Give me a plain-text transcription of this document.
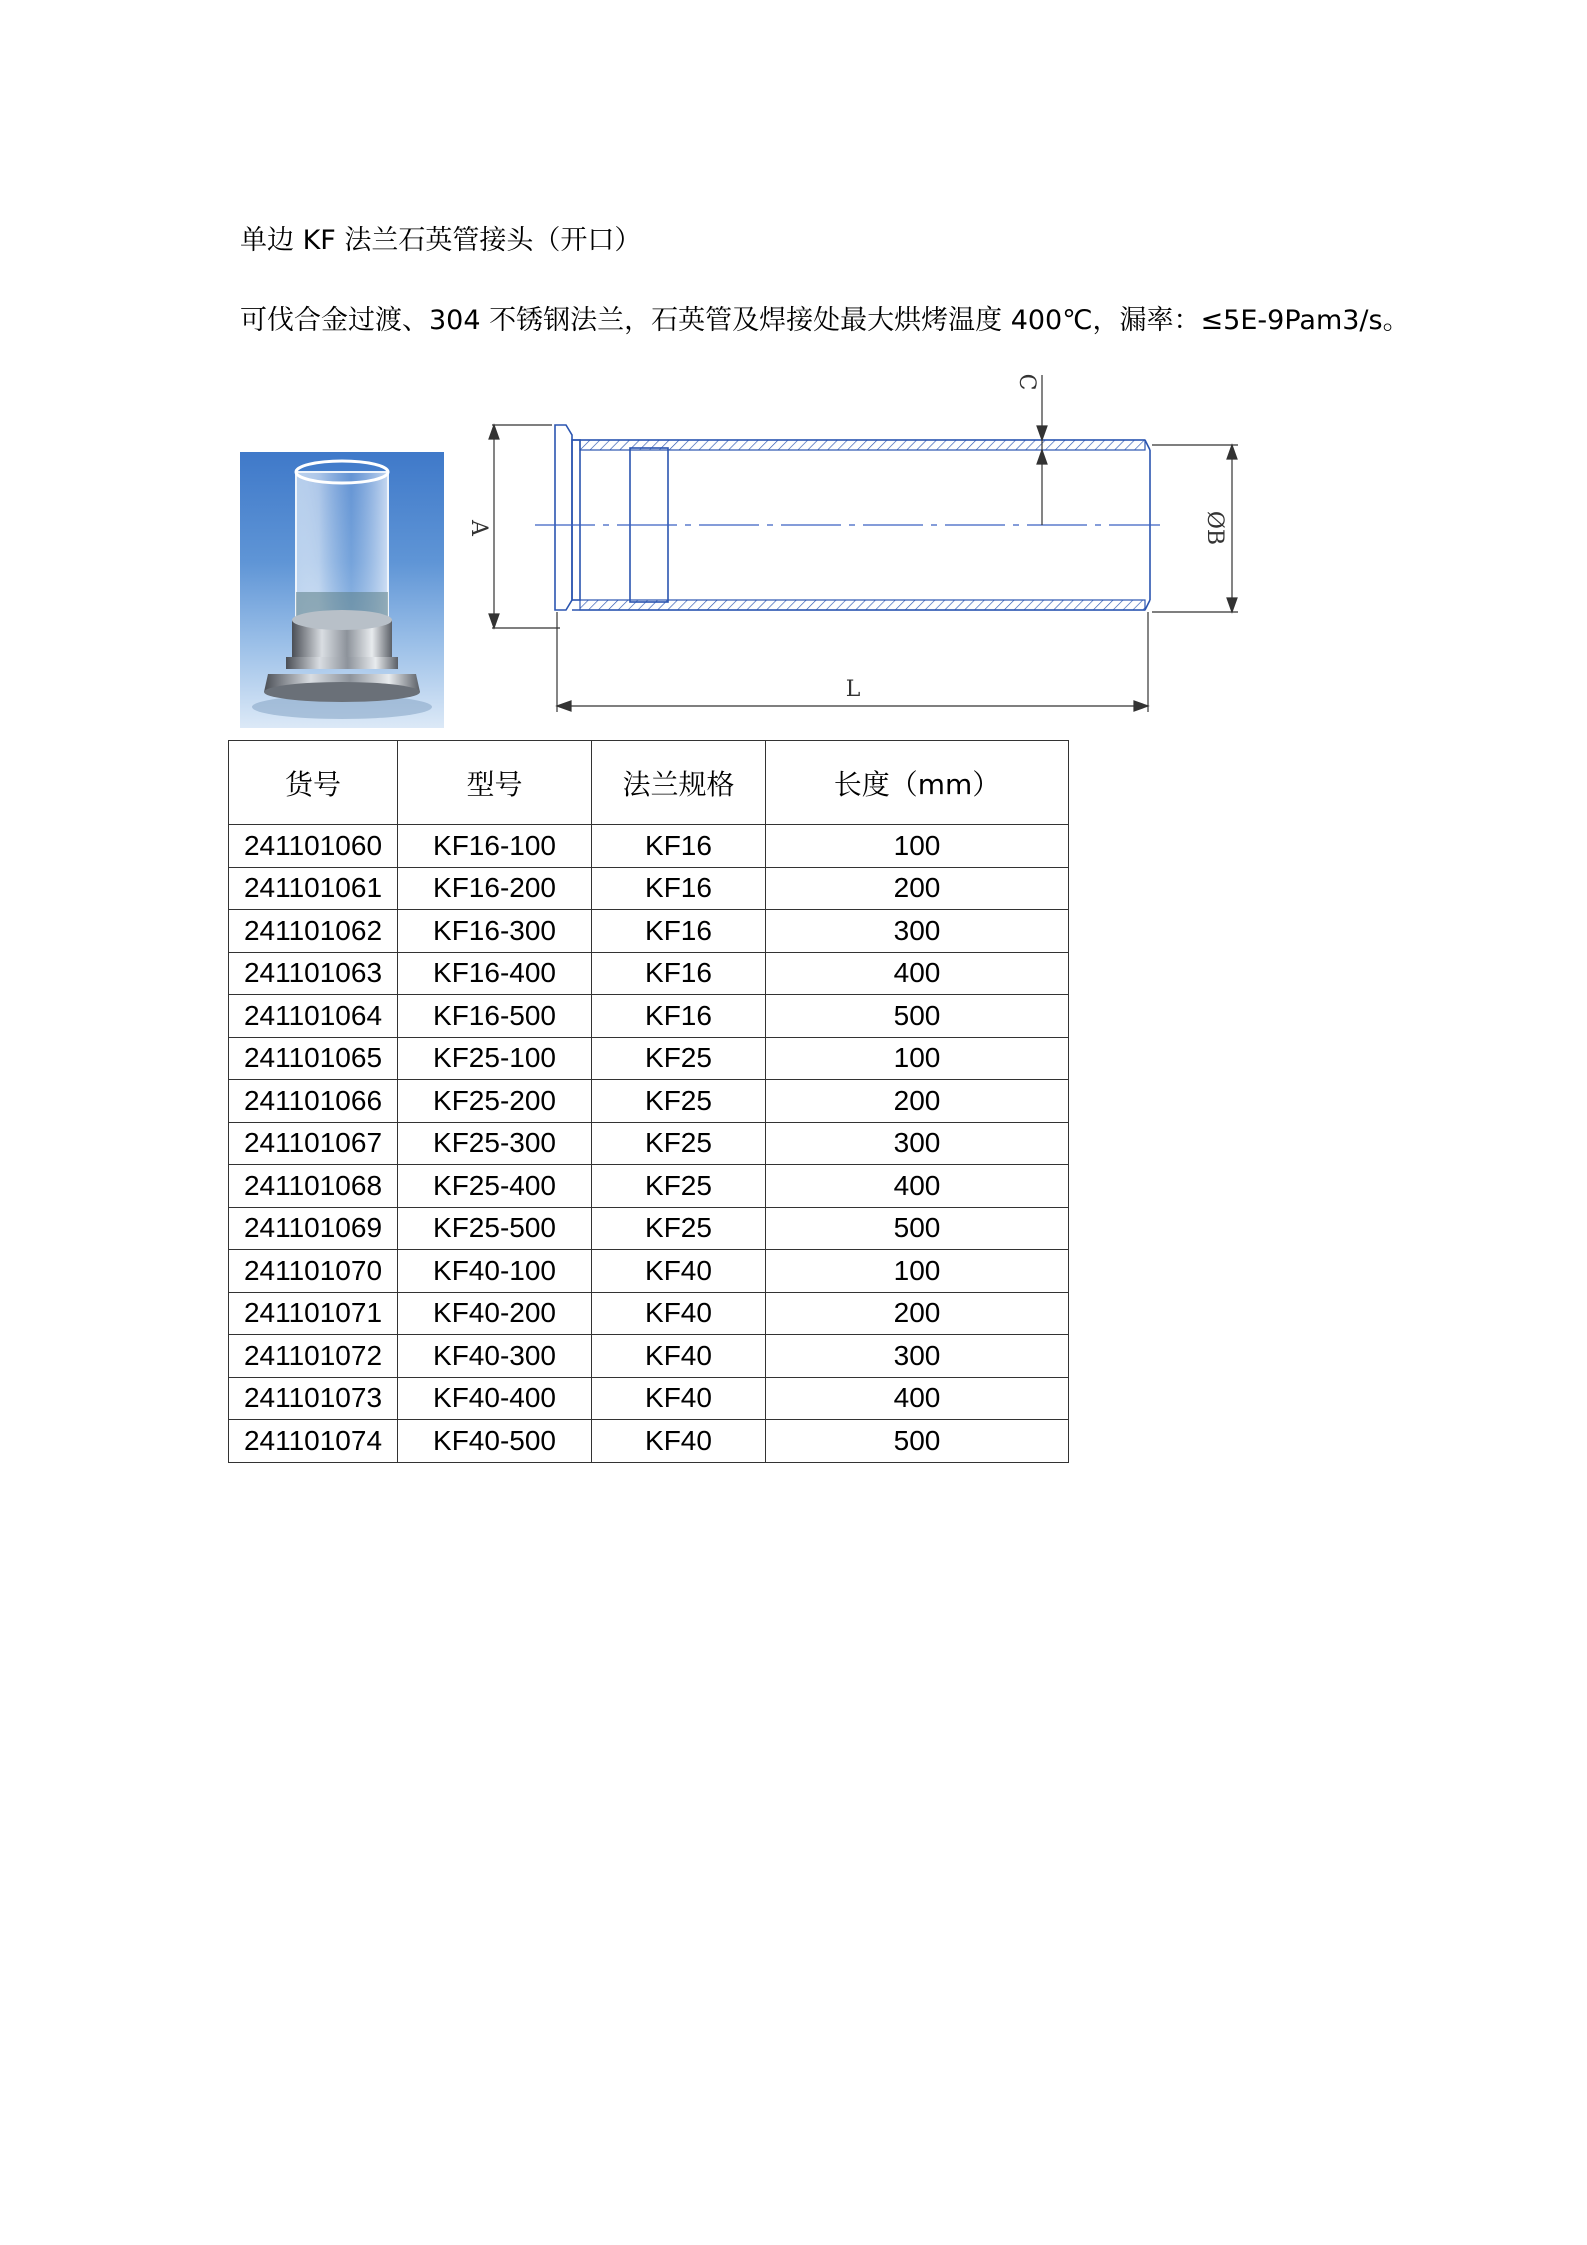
单边 KF 法兰石英管接头（开口）
可伐合金过渡、304 不锈钢法兰，石英管及焊接处最大烘烤温度 400℃，漏率：≤5E-9Pam3/s。
A	ØB
C
L
货号	型号	法兰规格	长度（mm）
241101060	KF16-100	KF16	100
241101061	KF16-200	KF16	200
241101062	KF16-300	KF16	300
241101063	KF16-400	KF16	400
241101064	KF16-500	KF16	500
241101065	KF25-100	KF25	100
241101066	KF25-200	KF25	200
241101067	KF25-300	KF25	300
241101068	KF25-400	KF25	400
241101069	KF25-500	KF25	500
241101070	KF40-100	KF40	100
241101071	KF40-200	KF40	200
241101072	KF40-300	KF40	300
241101073	KF40-400	KF40	400
241101074	KF40-500	KF40	500
